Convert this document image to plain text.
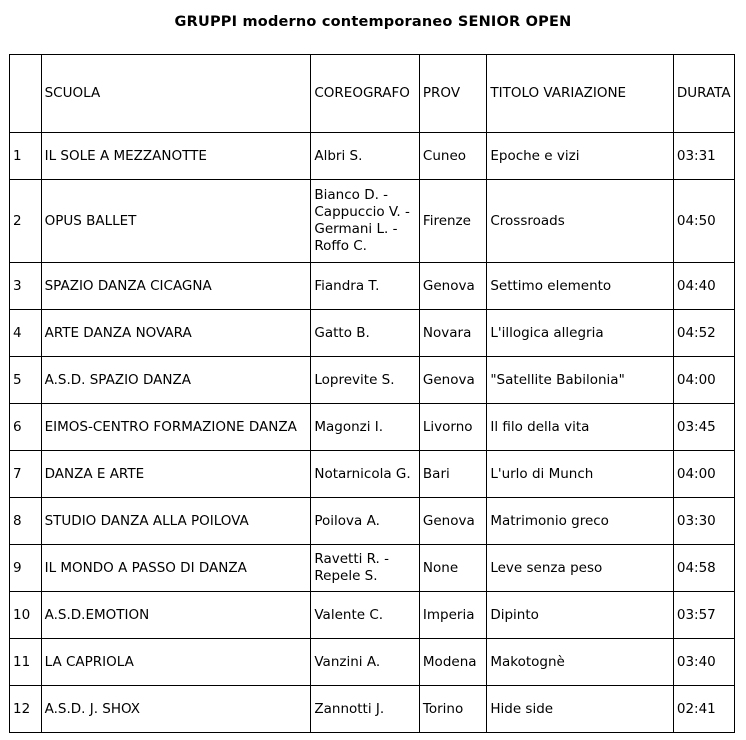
GRUPPI moderno contemporaneo SENIOR OPEN
	SCUOLA	COREOGRAFO	PROV	TITOLO VARIAZIONE	DURATA
1	IL SOLE A MEZZANOTTE	Albri S.	Cuneo	Epoche e vizi	03:31
2	OPUS BALLET	Bianco D. - Cappuccio V. - Germani L. - Roffo C.	Firenze	Crossroads	04:50
3	SPAZIO DANZA CICAGNA	Fiandra T.	Genova	Settimo elemento	04:40
4	ARTE DANZA NOVARA	Gatto B.	Novara	L'illogica allegria	04:52
5	A.S.D. SPAZIO DANZA	Loprevite S.	Genova	"Satellite Babilonia"	04:00
6	EIMOS-CENTRO FORMAZIONE DANZA	Magonzi I.	Livorno	Il filo della vita	03:45
7	DANZA E ARTE	Notarnicola G.	Bari	L'urlo di Munch	04:00
8	STUDIO DANZA ALLA POILOVA	Poilova A.	Genova	Matrimonio greco	03:30
9	IL MONDO A PASSO DI DANZA	Ravetti R. - Repele S.	None	Leve senza peso	04:58
10	A.S.D.EMOTION	Valente C.	Imperia	Dipinto	03:57
11	LA CAPRIOLA	Vanzini A.	Modena	Makotognè	03:40
12	A.S.D. J. SHOX	Zannotti J.	Torino	Hide side	02:41
